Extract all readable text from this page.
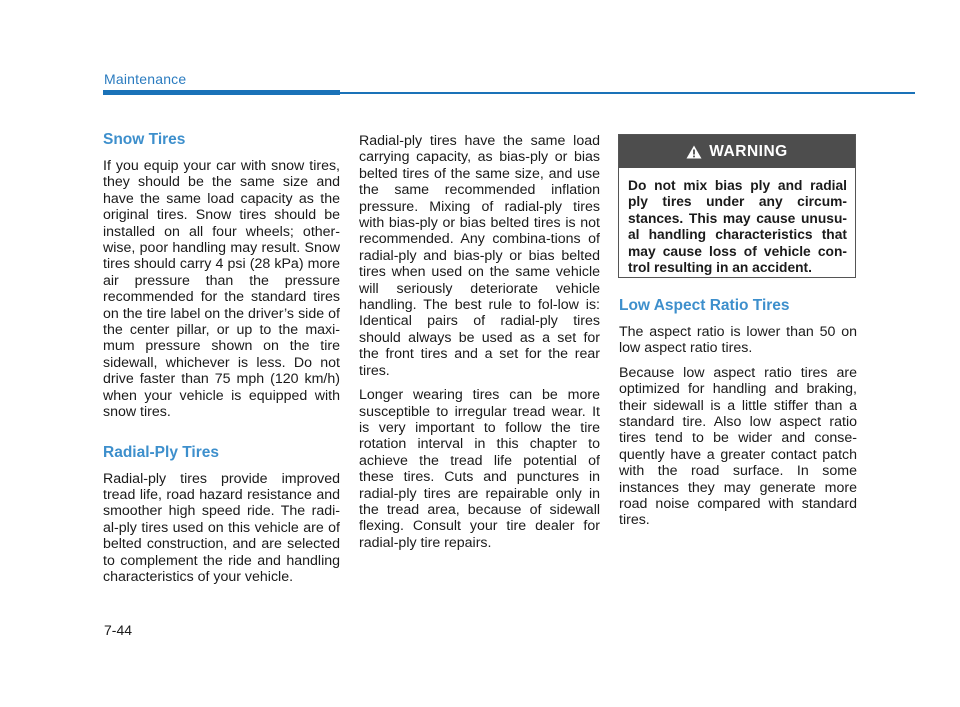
Maintenance
Snow Tires

If you equip your car with snow tires, they should be the same size and have the same load capacity as the original tires. Snow tires should be installed on all four wheels; other-wise, poor handling may result. Snow tires should carry 4 psi (28 kPa) more air pressure than the pressure recommended for the standard tires on the tire label on the driver’s side of the center pillar, or up to the maxi-mum pressure shown on the tire sidewall, whichever is less. Do not drive faster than 75 mph (120 km/h) when your vehicle is equipped with snow tires.

Radial-Ply Tires

Radial-ply tires provide improved tread life, road hazard resistance and smoother high speed ride. The radi-al-ply tires used on this vehicle are of belted construction, and are selected to complement the ride and handling characteristics of your vehicle.

Radial-ply tires have the same load carrying capacity, as bias-ply or bias belted tires of the same size, and use the same recommended inflation pressure. Mixing of radial-ply tires with bias-ply or bias belted tires is not recommended. Any combina-tions of radial-ply and bias-ply or bias belted tires when used on the same vehicle will seriously deteriorate vehicle handling. The best rule to fol-low is: Identical pairs of radial-ply tires should always be used as a set for the front tires and a set for the rear tires.

Longer wearing tires can be more susceptible to irregular tread wear. It is very important to follow the tire rotation interval in this chapter to achieve the tread life potential of these tires. Cuts and punctures in radial-ply tires are repairable only in the tread area, because of sidewall flexing. Consult your tire dealer for radial-ply tire repairs.

WARNING
Do not mix bias ply and radial ply tires under any circum-stances. This may cause unusu-al handling characteristics that may cause loss of vehicle con-trol resulting in an accident.
Low Aspect Ratio Tires

The aspect ratio is lower than 50 on low aspect ratio tires.

Because low aspect ratio tires are optimized for handling and braking, their sidewall is a little stiffer than a standard tire. Also low aspect ratio tires tend to be wider and conse-quently have a greater contact patch with the road surface. In some instances they may generate more road noise compared with standard tires.

7-44
